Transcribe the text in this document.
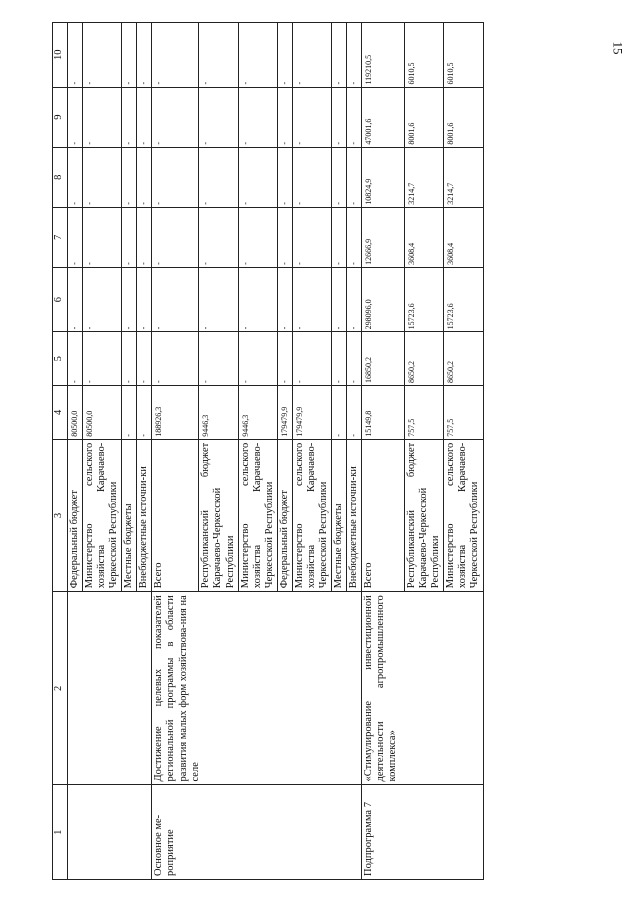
15
1	2	3	4	5	6	7	8	9	10
		Федеральный бюджет	80500,0	-	-	-	-	-	-
		Министерство сельского хозяйства Карачаево-Черкесской Республики	80500,0	-	-	-	-	-	-
		Местные бюджеты	-	-	-	-	-	-	-
		Внебюджетные источни-ки	-	-	-	-	-	-	-
Основное ме-роприятие	Достижение целевых показателей региональной программы в области развития малых форм хозяйствова-ния на селе	Всего	188926,3	-	-	-	-	-	-
		Республиканский бюджет Карачаево-Черкесской Республики	9446,3	-	-	-	-	-	-
		Министерство сельского хозяйства Карачаево-Черкесской Республики	9446,3	-	-	-	-	-	-
		Федеральный бюджет	179479,9	-	-	-	-	-	-
		Министерство сельского хозяйства Карачаево-Черкесской Республики	179479,9	-	-	-	-	-	-
		Местные бюджеты	-	-	-	-	-	-	-
		Внебюджетные источни-ки	-	-	-	-	-	-	-
Подпрограмма 7	«Стимулирование инвестиционной деятельности агропромышленного комплекса»	Всего	15149,8	16850,2	298096,0	12666,9	10824,9	47001,6	119210,5
		Республиканский бюджет Карачаево-Черкесской Республики	757,5	8650,2	15723,6	3608,4	3214,7	8001,6	6010,5
		Министерство сельского хозяйства Карачаево-Черкесской Республики	757,5	8650,2	15723,6	3608,4	3214,7	8001,6	6010,5
